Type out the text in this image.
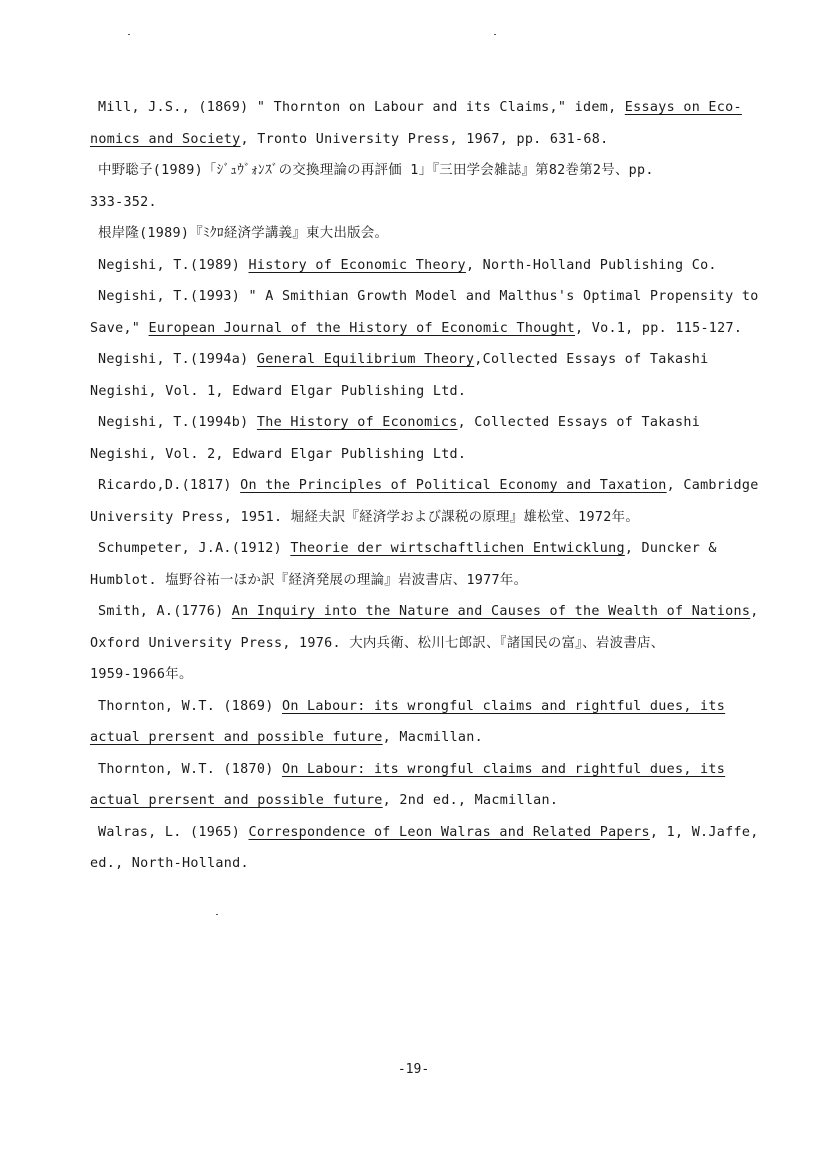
Mill, J.S., (1869) " Thornton on Labour and its Claims," idem, Essays on Eco-
nomics and Society, Tronto University Press, 1967, pp. 631-68.
中野聡子(1989)「ｼﾞｭｳﾞｫﾝｽﾞの交換理論の再評価 1」『三田学会雑誌』第82巻第2号、pp.
333-352.
根岸隆(1989)『ﾐｸﾛ経済学講義』東大出版会。
Negishi, T.(1989) History of Economic Theory, North-Holland Publishing Co.
Negishi, T.(1993) " A Smithian Growth Model and Malthus's Optimal Propensity to
Save," European Journal of the History of Economic Thought, Vo.1, pp. 115-127.
Negishi, T.(1994a) General Equilibrium Theory,Collected Essays of Takashi
Negishi, Vol. 1, Edward Elgar Publishing Ltd.
Negishi, T.(1994b) The History of Economics, Collected Essays of Takashi
Negishi, Vol. 2, Edward Elgar Publishing Ltd.
Ricardo,D.(1817) On the Principles of Political Economy and Taxation, Cambridge
University Press, 1951. 堀経夫訳『経済学および課税の原理』雄松堂、1972年。
Schumpeter, J.A.(1912) Theorie der wirtschaftlichen Entwicklung, Duncker &
Humblot. 塩野谷祐一ほか訳『経済発展の理論』岩波書店、1977年。
Smith, A.(1776) An Inquiry into the Nature and Causes of the Wealth of Nations,
Oxford University Press, 1976. 大内兵衛、松川七郎訳、『諸国民の富』、岩波書店、
1959-1966年。
Thornton, W.T. (1869) On Labour: its wrongful claims and rightful dues, its
actual prersent and possible future, Macmillan.
Thornton, W.T. (1870) On Labour: its wrongful claims and rightful dues, its
actual prersent and possible future, 2nd ed., Macmillan.
Walras, L. (1965) Correspondence of Leon Walras and Related Papers, 1, W.Jaffe,
ed., North-Holland.
-19-
